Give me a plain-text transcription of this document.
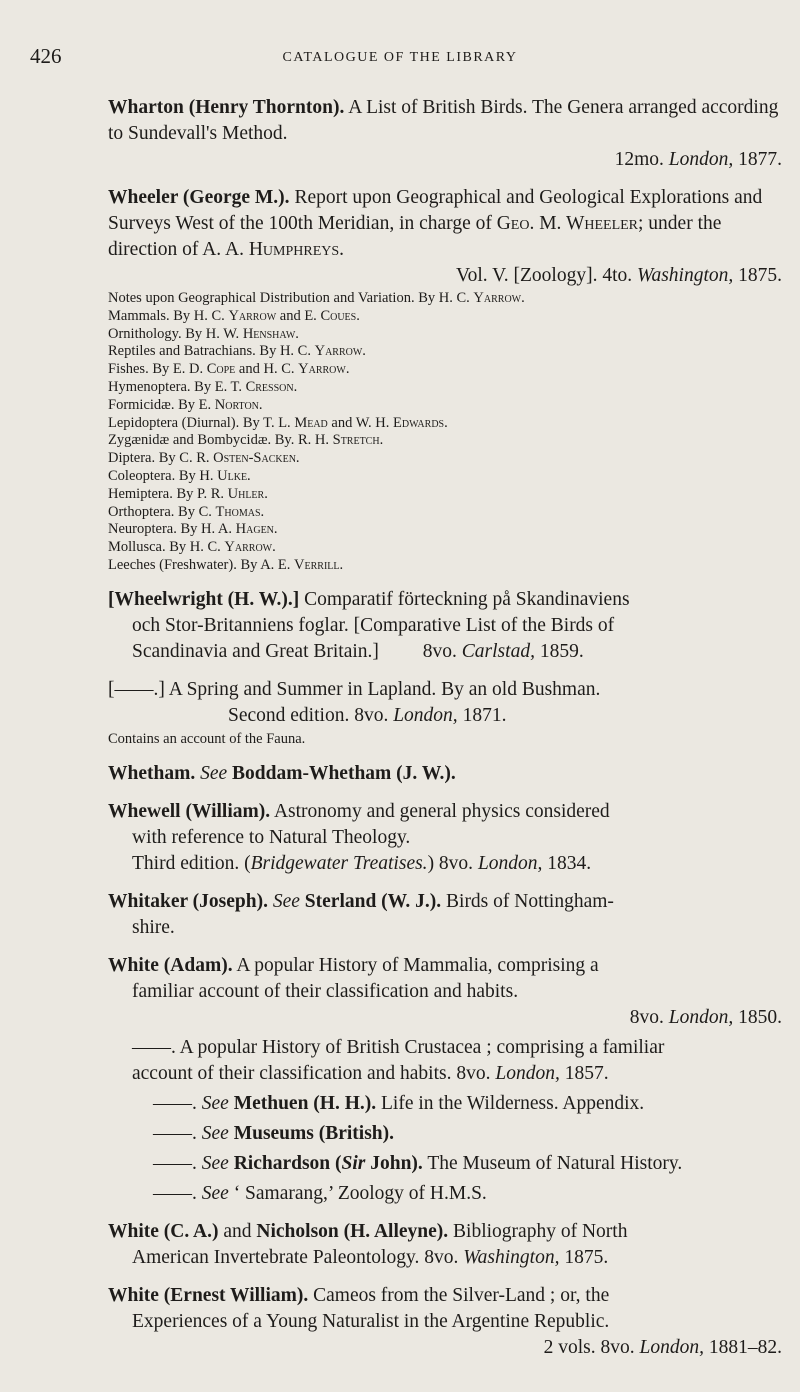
426	CATALOGUE OF THE LIBRARY
Wharton (Henry Thornton). A List of British Birds. The Genera arranged according to Sundevall's Method.
12mo. London, 1877.
Wheeler (George M.). Report upon Geographical and Geological Explorations and Surveys West of the 100th Meridian, in charge of Geo. M. Wheeler; under the direction of A. A. Humphreys.
Vol. V. [Zoology]. 4to. Washington, 1875.
Notes upon Geographical Distribution and Variation. By H. C. Yarrow.
Mammals. By H. C. Yarrow and E. Coues.
Ornithology. By H. W. Henshaw.
Reptiles and Batrachians. By H. C. Yarrow.
Fishes. By E. D. Cope and H. C. Yarrow.
Hymenoptera. By E. T. Cresson.
Formicidæ. By E. Norton.
Lepidoptera (Diurnal). By T. L. Mead and W. H. Edwards.
Zygænidæ and Bombycidæ. By. R. H. Stretch.
Diptera. By C. R. Osten-Sacken.
Coleoptera. By H. Ulke.
Hemiptera. By P. R. Uhler.
Orthoptera. By C. Thomas.
Neuroptera. By H. A. Hagen.
Mollusca. By H. C. Yarrow.
Leeches (Freshwater). By A. E. Verrill.
[Wheelwright (H. W.).] Comparatif förteckning på Skandinaviens
och Stor-Britanniens foglar. [Comparative List of the Birds of
Scandinavia and Great Britain.] 8vo. Carlstad, 1859.
[——.] A Spring and Summer in Lapland. By an old Bushman.
Second edition. 8vo. London, 1871.
Contains an account of the Fauna.
Whetham. See Boddam-Whetham (J. W.).
Whewell (William). Astronomy and general physics considered
with reference to Natural Theology.
Third edition. (Bridgewater Treatises.) 8vo. London, 1834.
Whitaker (Joseph). See Sterland (W. J.). Birds of Nottingham-
shire.
White (Adam). A popular History of Mammalia, comprising a
familiar account of their classification and habits.
8vo. London, 1850.
——. A popular History of British Crustacea ; comprising a familiar
account of their classification and habits. 8vo. London, 1857.
——. See Methuen (H. H.). Life in the Wilderness. Appendix.
——. See Museums (British).
——. See Richardson (Sir John). The Museum of Natural History.
——. See ‘ Samarang,’ Zoology of H.M.S.
White (C. A.) and Nicholson (H. Alleyne). Bibliography of North
American Invertebrate Paleontology. 8vo. Washington, 1875.
White (Ernest William). Cameos from the Silver-Land ; or, the
Experiences of a Young Naturalist in the Argentine Republic.
2 vols. 8vo. London, 1881–82.
